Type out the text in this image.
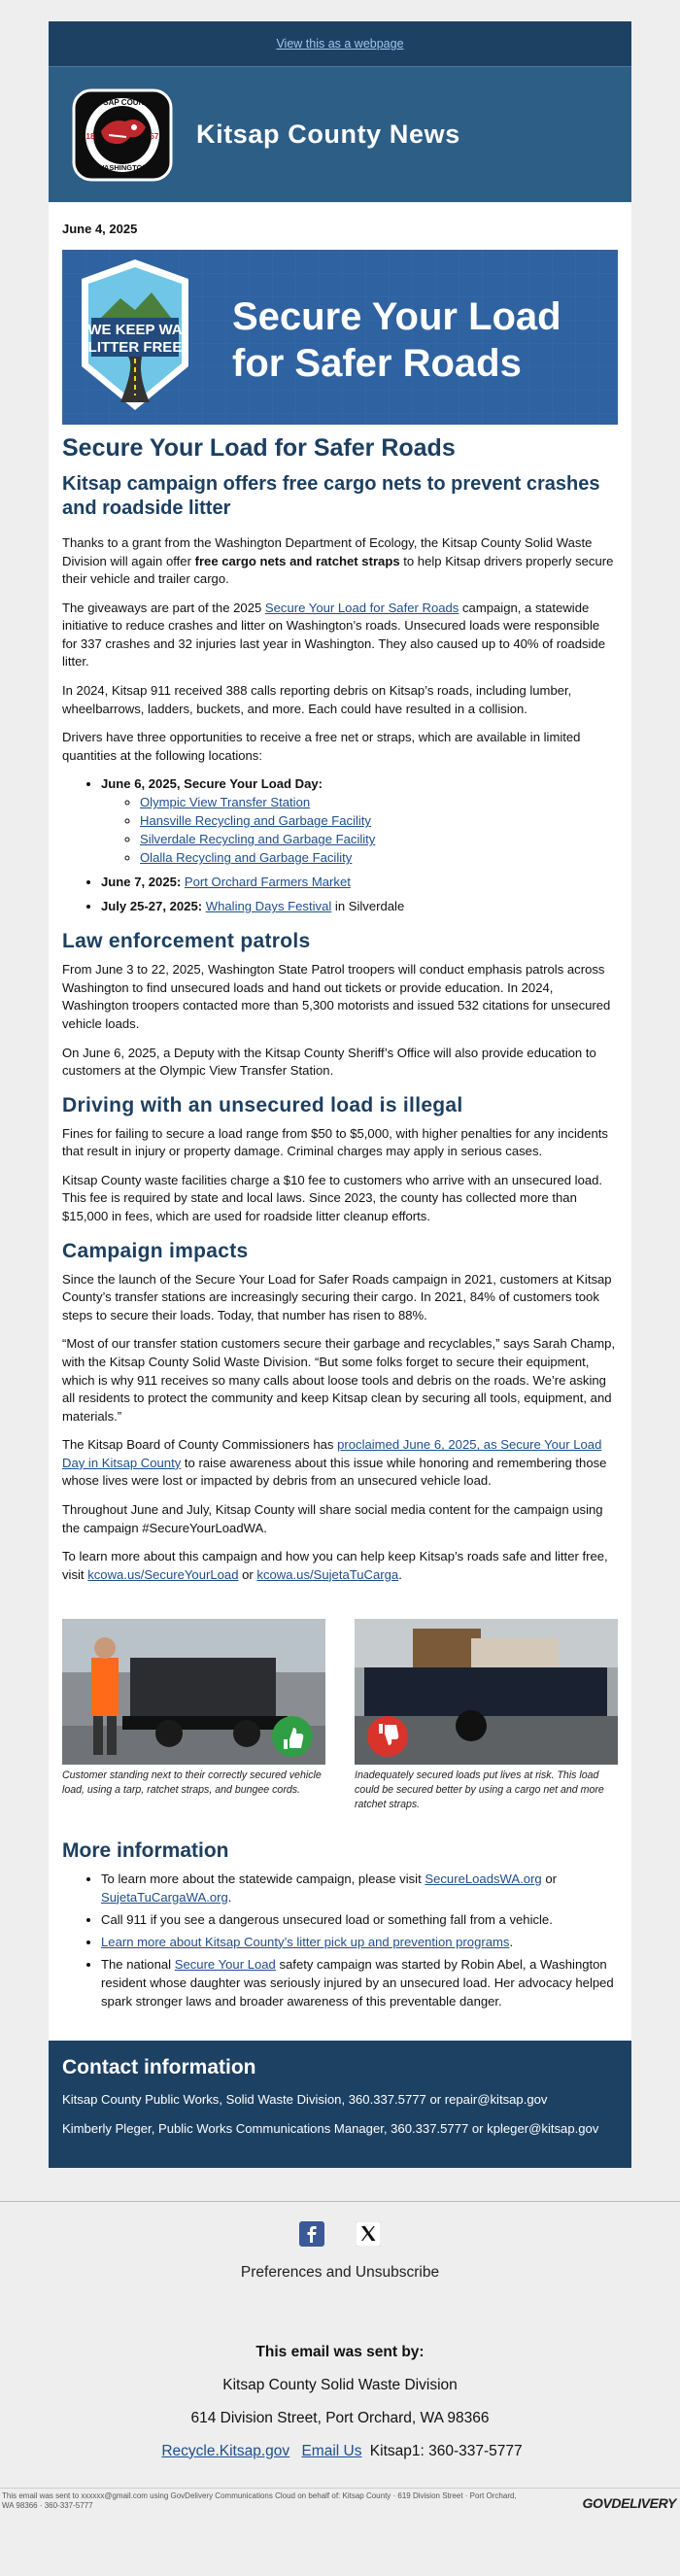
View this as a webpage
KITSAP COUNTY
WASHINGTON
18	57 Kitsap County News
June 4, 2025
WE KEEP WA
LITTER FREE
Secure Your Load
for Safer Roads
Secure Your Load for Safer Roads
Kitsap campaign offers free cargo nets to prevent crashes and roadside litter

Thanks to a grant from the Washington Department of Ecology, the Kitsap County Solid Waste Division will again offer free cargo nets and ratchet straps to help Kitsap drivers properly secure their vehicle and trailer cargo.

The giveaways are part of the 2025 Secure Your Load for Safer Roads campaign, a statewide initiative to reduce crashes and litter on Washington’s roads. Unsecured loads were responsible for 337 crashes and 32 injuries last year in Washington. They also caused up to 40% of roadside litter.

In 2024, Kitsap 911 received 388 calls reporting debris on Kitsap’s roads, including lumber, wheelbarrows, ladders, buckets, and more. Each could have resulted in a collision.

Drivers have three opportunities to receive a free net or straps, which are available in limited quantities at the following locations:

• June 6, 2025, Secure Your Load Day:
◦ Olympic View Transfer Station
◦ Hansville Recycling and Garbage Facility
◦ Silverdale Recycling and Garbage Facility
◦ Olalla Recycling and Garbage Facility
• June 7, 2025: Port Orchard Farmers Market
• July 25-27, 2025: Whaling Days Festival in Silverdale
Law enforcement patrols

From June 3 to 22, 2025, Washington State Patrol troopers will conduct emphasis patrols across Washington to find unsecured loads and hand out tickets or provide education. In 2024, Washington troopers contacted more than 5,300 motorists and issued 532 citations for unsecured vehicle loads.

On June 6, 2025, a Deputy with the Kitsap County Sheriff’s Office will also provide education to customers at the Olympic View Transfer Station.

Driving with an unsecured load is illegal

Fines for failing to secure a load range from $50 to $5,000, with higher penalties for any incidents that result in injury or property damage. Criminal charges may apply in serious cases.

Kitsap County waste facilities charge a $10 fee to customers who arrive with an unsecured load. This fee is required by state and local laws. Since 2023, the county has collected more than $15,000 in fees, which are used for roadside litter cleanup efforts.

Campaign impacts

Since the launch of the Secure Your Load for Safer Roads campaign in 2021, customers at Kitsap County’s transfer stations are increasingly securing their cargo. In 2021, 84% of customers took steps to secure their loads. Today, that number has risen to 88%.

“Most of our transfer station customers secure their garbage and recyclables,” says Sarah Champ, with the Kitsap County Solid Waste Division. “But some folks forget to secure their equipment, which is why 911 receives so many calls about loose tools and debris on the roads. We’re asking all residents to protect the community and keep Kitsap clean by securing all tools, equipment, and materials.”

The Kitsap Board of County Commissioners has proclaimed June 6, 2025, as Secure Your Load Day in Kitsap County to raise awareness about this issue while honoring and remembering those whose lives were lost or impacted by debris from an unsecured vehicle load.

Throughout June and July, Kitsap County will share social media content for the campaign using the campaign #SecureYourLoadWA.

To learn more about this campaign and how you can help keep Kitsap’s roads safe and litter free, visit kcowa.us/SecureYourLoad or kcowa.us/SujetaTuCarga.

Customer standing next to their correctly secured vehicle load, using a tarp, ratchet straps, and bungee cords.
Inadequately secured loads put lives at risk. This load could be secured better by using a cargo net and more ratchet straps.
More information
• To learn more about the statewide campaign, please visit SecureLoadsWA.org or SujetaTuCargaWA.org.
• Call 911 if you see a dangerous unsecured load or something fall from a vehicle.
• Learn more about Kitsap County’s litter pick up and prevention programs.
• The national Secure Your Load safety campaign was started by Robin Abel, a Washington resident whose daughter was seriously injured by an unsecured load. Her advocacy helped spark stronger laws and broader awareness of this preventable danger.
Contact information

Kitsap County Public Works, Solid Waste Division, 360.337.5777 or repair@kitsap.gov

Kimberly Pleger, Public Works Communications Manager, 360.337.5777 or kpleger@kitsap.gov

Preferences and Unsubscribe
This email was sent by:
Kitsap County Solid Waste Division
614 Division Street, Port Orchard, WA 98366
Recycle.Kitsap.gov Email Us Kitsap1: 360-337-5777
This email was sent to xxxxxx@gmail.com using GovDelivery Communications Cloud on behalf of: Kitsap County · 619 Division Street · Port Orchard, WA 98366 · 360-337-5777	GOVDELIVERY
